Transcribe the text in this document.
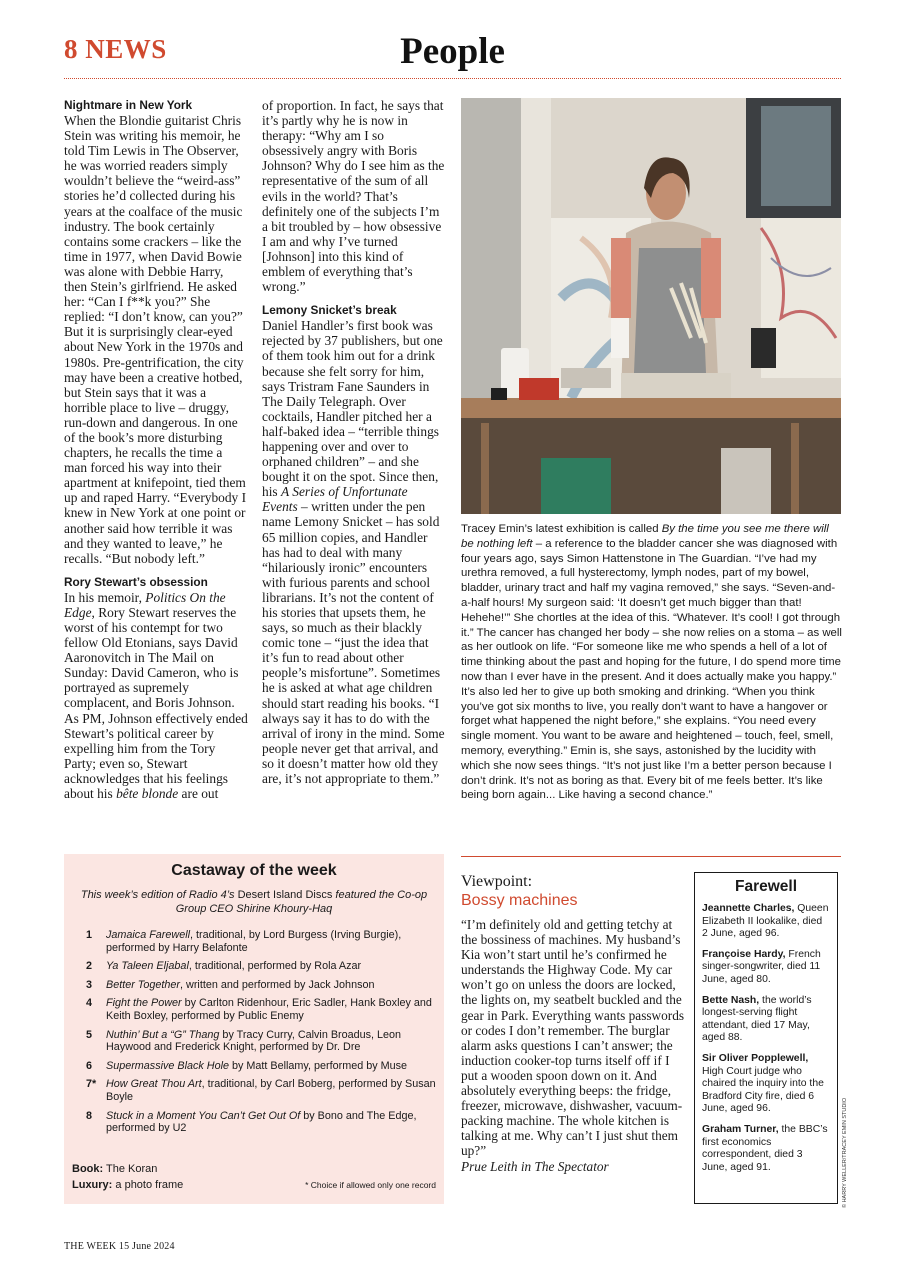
People
8 NEWS
Nightmare in New York

When the Blondie guitarist Chris Stein was writing his memoir, he told Tim Lewis in The Observer, he was worried readers simply wouldn’t believe the “weird-ass” stories he’d collected during his years at the coalface of the music industry. The book certainly contains some crackers – like the time in 1977, when David Bowie was alone with Debbie Harry, then Stein’s girlfriend. He asked her: “Can I f**k you?” She replied: “I don’t know, can you?” But it is surprisingly clear-eyed about New York in the 1970s and 1980s. Pre-gentrification, the city may have been a creative hotbed, but Stein says that it was a horrible place to live – druggy, run-down and dangerous. In one of the book’s more disturbing chapters, he recalls the time a man forced his way into their apartment at knifepoint, tied them up and raped Harry. “Everybody I knew in New York at one point or another said how terrible it was and they wanted to leave,” he recalls. “But nobody left.”

Rory Stewart’s obsession

In his memoir, Politics On the Edge, Rory Stewart reserves the worst of his contempt for two fellow Old Etonians, says David Aaronovitch in The Mail on Sunday: David Cameron, who is portrayed as supremely complacent, and Boris Johnson. As PM, Johnson effectively ended Stewart’s political career by expelling him from the Tory Party; even so, Stewart acknowledges that his feelings about his bête blonde are out

of proportion. In fact, he says that it’s partly why he is now in therapy: “Why am I so obsessively angry with Boris Johnson? Why do I see him as the representative of the sum of all evils in the world? That’s definitely one of the subjects I’m a bit troubled by – how obsessive I am and why I’ve turned [Johnson] into this kind of emblem of everything that’s wrong.”

Lemony Snicket’s break

Daniel Handler’s first book was rejected by 37 publishers, but one of them took him out for a drink because she felt sorry for him, says Tristram Fane Saunders in The Daily Telegraph. Over cocktails, Handler pitched her a half-baked idea – “terrible things happening over and over to orphaned children” – and she bought it on the spot. Since then, his A Series of Unfortunate Events – written under the pen name Lemony Snicket – has sold 65 million copies, and Handler has had to deal with many “hilariously ironic” encounters with furious parents and school librarians. It’s not the content of his stories that upsets them, he says, so much as their blackly comic tone – “just the idea that it’s fun to read about other people’s misfortune”. Sometimes he is asked at what age children should start reading his books. “I always say it has to do with the arrival of irony in the mind. Some people never get that arrival, and so it doesn’t matter how old they are, it’s not appropriate to them.”

Tracey Emin’s latest exhibition is called By the time you see me there will be nothing left – a reference to the bladder cancer she was diagnosed with four years ago, says Simon Hattenstone in The Guardian. “I’ve had my urethra removed, a full hysterectomy, lymph nodes, part of my bowel, bladder, urinary tract and half my vagina removed,” she says. “Seven-and-a-half hours! My surgeon said: ‘It doesn’t get much bigger than that! Hehehe!’” She chortles at the idea of this. “Whatever. It’s cool! I got through it.” The cancer has changed her body – she now relies on a stoma – as well as her outlook on life. “For someone like me who spends a hell of a lot of time thinking about the past and hoping for the future, I do spend more time now than I ever have in the present. And it does actually make you happy.” It’s also led her to give up both smoking and drinking. “When you think you’ve got six months to live, you really don’t want to have a hangover or forget what happened the night before,” she explains. “You need every single moment. You want to be aware and heightened – touch, feel, smell, memory, everything.” Emin is, she says, astonished by the lucidity with which she now sees things. “It’s not just like I’m a better person because I don’t drink. It’s not as boring as that. Every bit of me feels better. It’s like being born again... Like having a second chance.”
Castaway of the week
This week’s edition of Radio 4’s Desert Island Discs featured the Co-op Group CEO Shirine Khoury-Haq
1	Jamaica Farewell, traditional, by Lord Burgess (Irving Burgie), performed by Harry Belafonte
2	Ya Taleen Eljabal, traditional, performed by Rola Azar
3	Better Together, written and performed by Jack Johnson
4	Fight the Power by Carlton Ridenhour, Eric Sadler, Hank Boxley and Keith Boxley, performed by Public Enemy
5	Nuthin’ But a “G” Thang by Tracy Curry, Calvin Broadus, Leon Haywood and Frederick Knight, performed by Dr. Dre
6	Supermassive Black Hole by Matt Bellamy, performed by Muse
7* How Great Thou Art, traditional, by Carl Boberg, performed by Susan Boyle
8	Stuck in a Moment You Can’t Get Out Of by Bono and The Edge, performed by U2
Book: The Koran
Luxury: a photo frame	* Choice if allowed only one record
Viewpoint:
Bossy machines

“I’m definitely old and getting tetchy at the bossiness of machines. My husband’s Kia won’t start until he’s confirmed he understands the Highway Code. My car won’t go on unless the doors are locked, the lights on, my seatbelt buckled and the gear in Park. Everything wants passwords or codes I don’t remember. The burglar alarm asks questions I can’t answer; the induction cooker-top turns itself off if I put a wooden spoon down on it. And absolutely everything beeps: the fridge, freezer, microwave, dishwasher, vacuum-packing machine. The whole kitchen is talking at me. Why can’t I just shut them up?”

Prue Leith in The Spectator

Farewell
Jeannette Charles, Queen Elizabeth II lookalike, died 2 June, aged 96.
Françoise Hardy, French singer-songwriter, died 11 June, aged 80.
Bette Nash, the world’s longest-serving flight attendant, died 17 May, aged 88.
Sir Oliver Popplewell, High Court judge who chaired the inquiry into the Bradford City fire, died 6 June, aged 96.
Graham Turner, the BBC’s first economics correspondent, died 3 June, aged 91.	© HARRY WELLER/TRACEY EMIN STUDIO
THE WEEK 15 June 2024
